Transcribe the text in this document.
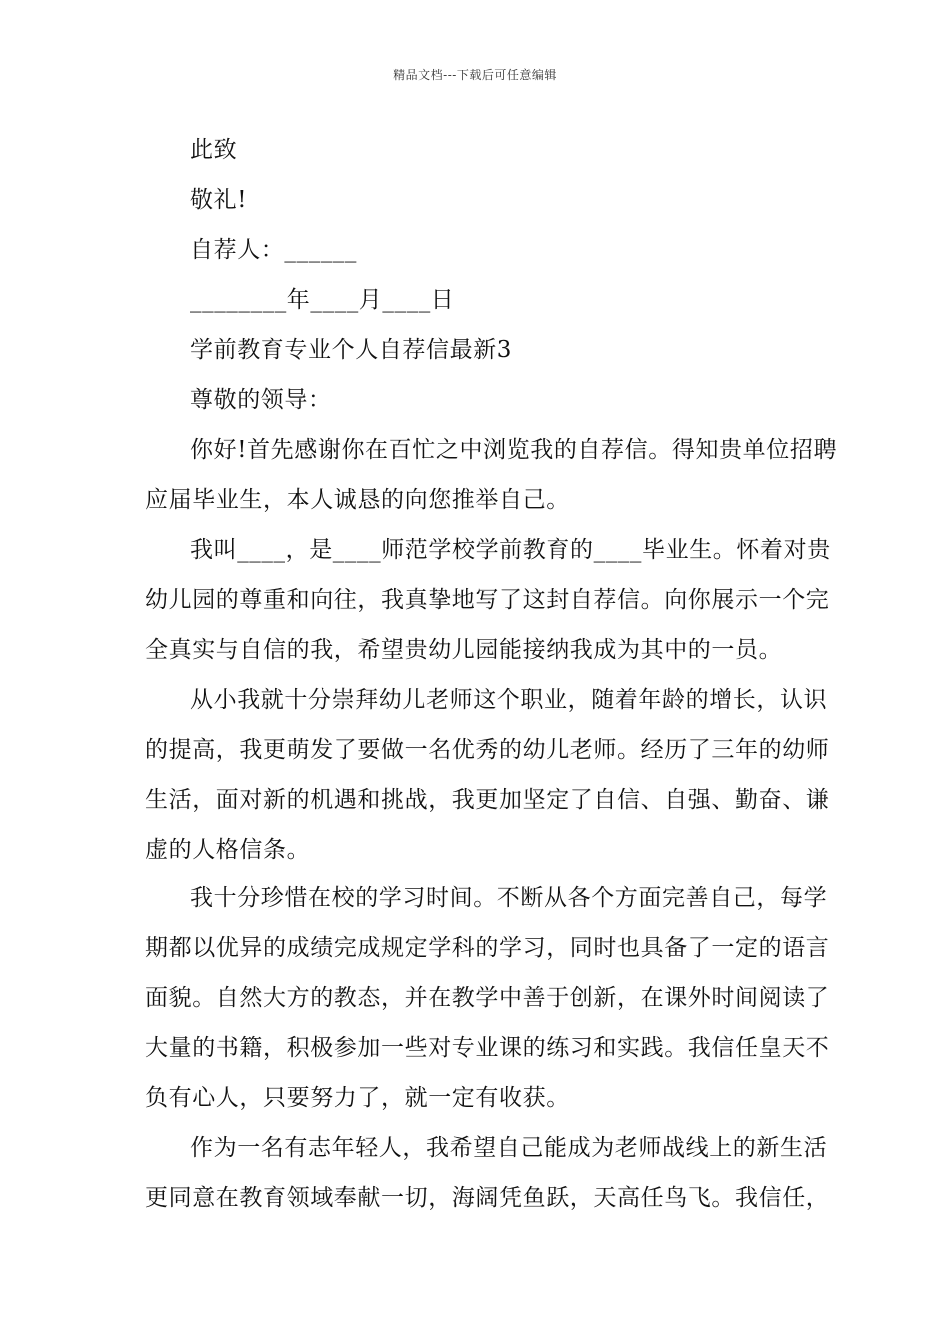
精品文档---下载后可任意编辑
此致
敬礼!
自荐人：______
________年____月____日
学前教育专业个人自荐信最新3
尊敬的领导：
你好!首先感谢你在百忙之中浏览我的自荐信。得知贵单位招聘
应届毕业生，本人诚恳的向您推举自己。
我叫____，是____师范学校学前教育的____毕业生。怀着对贵
幼儿园的尊重和向往，我真挚地写了这封自荐信。向你展示一个完
全真实与自信的我，希望贵幼儿园能接纳我成为其中的一员。
从小我就十分崇拜幼儿老师这个职业，随着年龄的增长，认识
的提高，我更萌发了要做一名优秀的幼儿老师。经历了三年的幼师
生活，面对新的机遇和挑战，我更加坚定了自信、自强、勤奋、谦
虚的人格信条。
我十分珍惜在校的学习时间。不断从各个方面完善自己，每学
期都以优异的成绩完成规定学科的学习，同时也具备了一定的语言
面貌。自然大方的教态，并在教学中善于创新，在课外时间阅读了
大量的书籍，积极参加一些对专业课的练习和实践。我信任皇天不
负有心人，只要努力了，就一定有收获。
作为一名有志年轻人，我希望自己能成为老师战线上的新生活
更同意在教育领域奉献一切，海阔凭鱼跃，天高任鸟飞。我信任，
